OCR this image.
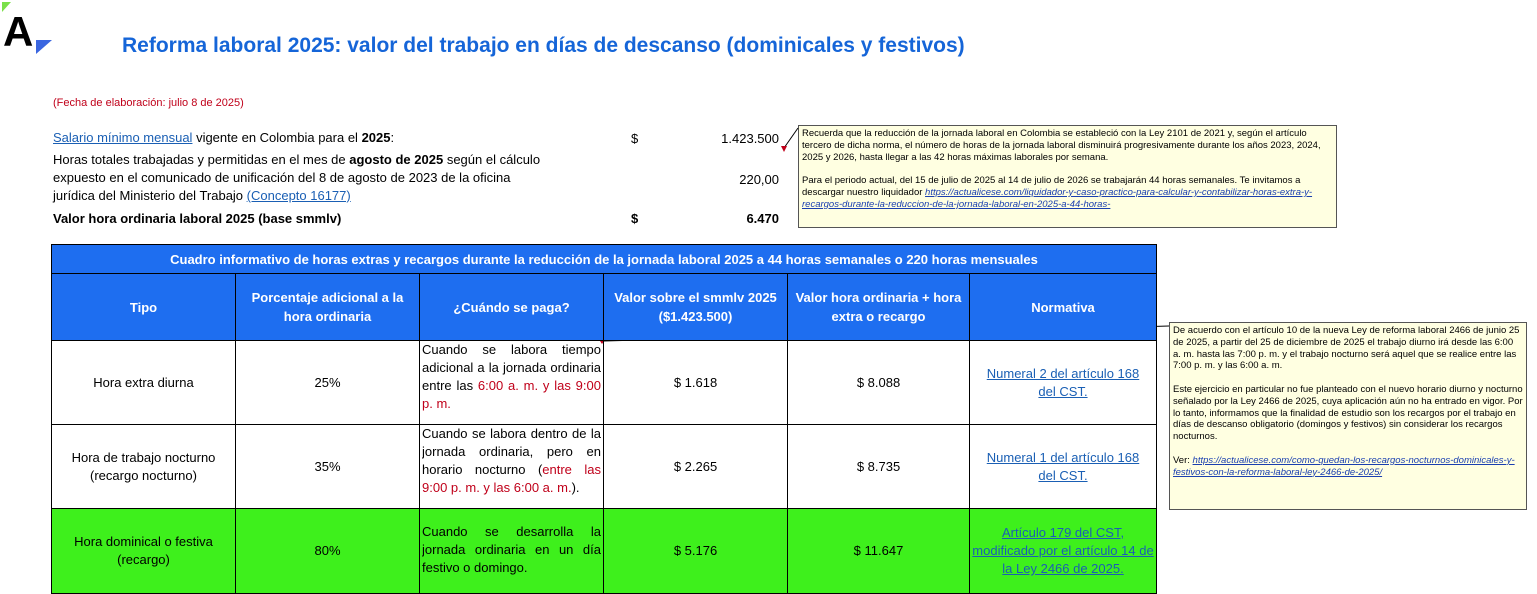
A	Reforma laboral 2025: valor del trabajo en días de descanso (dominicales y festivos)
(Fecha de elaboración: julio 8 de 2025)
Salario mínimo mensual vigente en Colombia para el 2025:	$	1.423.500
Horas totales trabajadas y permitidas en el mes de agosto de 2025 según el cálculo
expuesto en el comunicado de unificación del 8 de agosto de 2023 de la oficina
jurídica del Ministerio del Trabajo (Concepto 16177)
220,00
Valor hora ordinaria laboral 2025 (base smmlv)	$	6.470

Recuerda que la reducción de la jornada laboral en Colombia se estableció con la Ley 2101 de 2021 y, según el artículo tercero de dicha norma, el número de horas de la jornada laboral disminuirá progresivamente durante los años 2023, 2024, 2025 y 2026, hasta llegar a las 42 horas máximas laborales por semana.

Para el periodo actual, del 15 de julio de 2025 al 14 de julio de 2026 se trabajarán 44 horas semanales. Te invitamos a descargar nuestro liquidador https://actualicese.com/liquidador-y-caso-practico-para-calcular-y-contabilizar-horas-extra-y-recargos-durante-la-reduccion-de-la-jornada-laboral-en-2025-a-44-horas-

De acuerdo con el artículo 10 de la nueva Ley de reforma laboral 2466 de junio 25 de 2025, a partir del 25 de diciembre de 2025 el trabajo diurno irá desde las 6:00 a. m. hasta las 7:00 p. m. y el trabajo nocturno será aquel que se realice entre las 7:00 p. m. y las 6:00 a. m.

Este ejercicio en particular no fue planteado con el nuevo horario diurno y nocturno señalado por la Ley 2466 de 2025, cuya aplicación aún no ha entrado en vigor. Por lo tanto, informamos que la finalidad de estudio son los recargos por el trabajo en días de descanso obligatorio (domingos y festivos) sin considerar los recargos nocturnos.

Ver: https://actualicese.com/como-quedan-los-recargos-nocturnos-dominicales-y-festivos-con-la-reforma-laboral-ley-2466-de-2025/

Cuadro informativo de horas extras y recargos durante la reducción de la jornada laboral 2025 a 44 horas semanales o 220 horas mensuales					
Tipo	Porcentaje adicional a la hora ordinaria	¿Cuándo se paga?	Valor sobre el smmlv 2025 ($1.423.500)	Valor hora ordinaria + hora extra o recargo	Normativa
Hora extra diurna	25%	Cuando se labora tiempo adicional a la jornada ordinaria entre las 6:00 a. m. y las 9:00 p. m.	$ 1.618	$ 8.088	Numeral 2 del artículo 168 del CST.
Hora de trabajo nocturno (recargo nocturno)	35%	Cuando se labora dentro de la jornada ordinaria, pero en horario nocturno (entre las 9:00 p. m. y las 6:00 a. m.).	$ 2.265	$ 8.735	Numeral 1 del artículo 168 del CST.
Hora dominical o festiva (recargo)	80%	Cuando se desarrolla la jornada ordinaria en un día festivo o domingo.	$ 5.176	$ 11.647	Artículo 179 del CST, modificado por el artículo 14 de la Ley 2466 de 2025.
